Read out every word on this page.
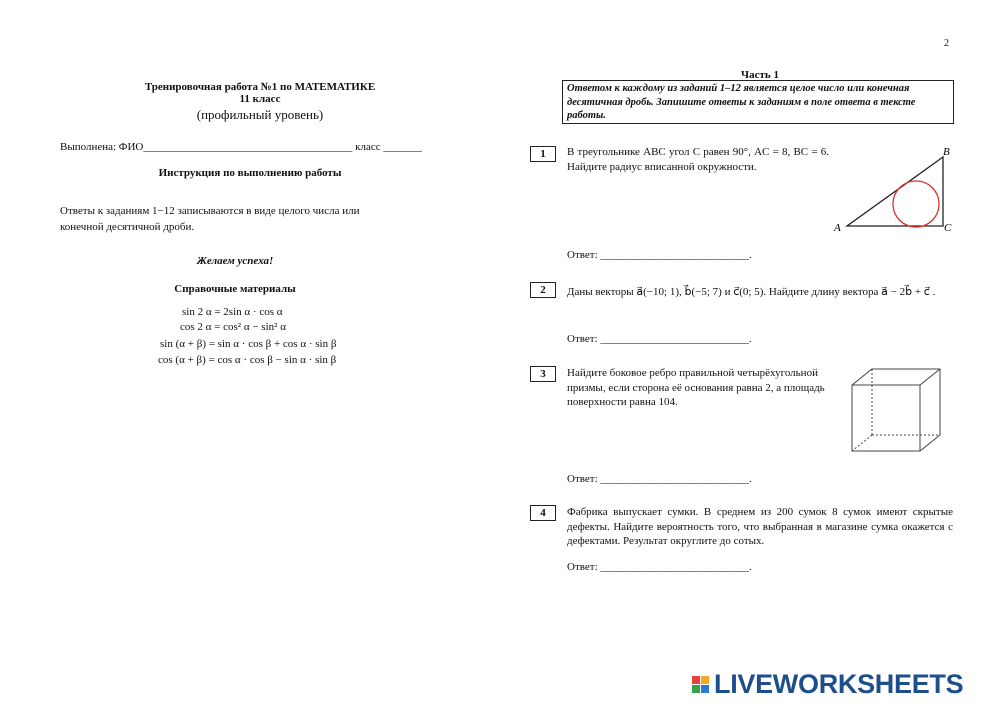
2
Тренировочная работа №1 по МАТЕМАТИКЕ
11 класс
(профильный уровень)
Выполнена: ФИО______________________________________ класс _______
Инструкция по выполнению работы
Ответы к заданиям 1−12 записываются в виде целого числа или конечной десятичной дроби.
Желаем успеха!
Справочные материалы
sin 2 α = 2sin α · cos α
cos 2 α = cos² α − sin² α
sin (α + β) = sin α · cos β + cos α · sin β
cos (α + β) = cos α · cos β − sin α · sin β
Часть 1
Ответом к каждому из заданий 1–12 является целое число или конечная десятичная дробь. Запишите ответы к заданиям в поле ответа в тексте работы.
1	В треугольнике ABC угол C равен 90°, AC = 8, BC = 6. Найдите радиус вписанной окружности.
A
B
C
Ответ: ___________________________.
2	Даны векторы a⃗(−10; 1), b⃗(−5; 7) и c⃗(0; 5). Найдите длину вектора a⃗ − 2b⃗ + c⃗ .
Ответ: ___________________________.
3	Найдите боковое ребро правильной четырёхугольной призмы, если сторона её основания равна 2, а площадь поверхности равна 104.
Ответ: ___________________________.
4	Фабрика выпускает сумки. В среднем из 200 сумок 8 сумок имеют скрытые дефекты. Найдите вероятность того, что выбранная в магазине сумка окажется с дефектами. Результат округлите до сотых.
Ответ: ___________________________.
LIVEWORKSHEETS
